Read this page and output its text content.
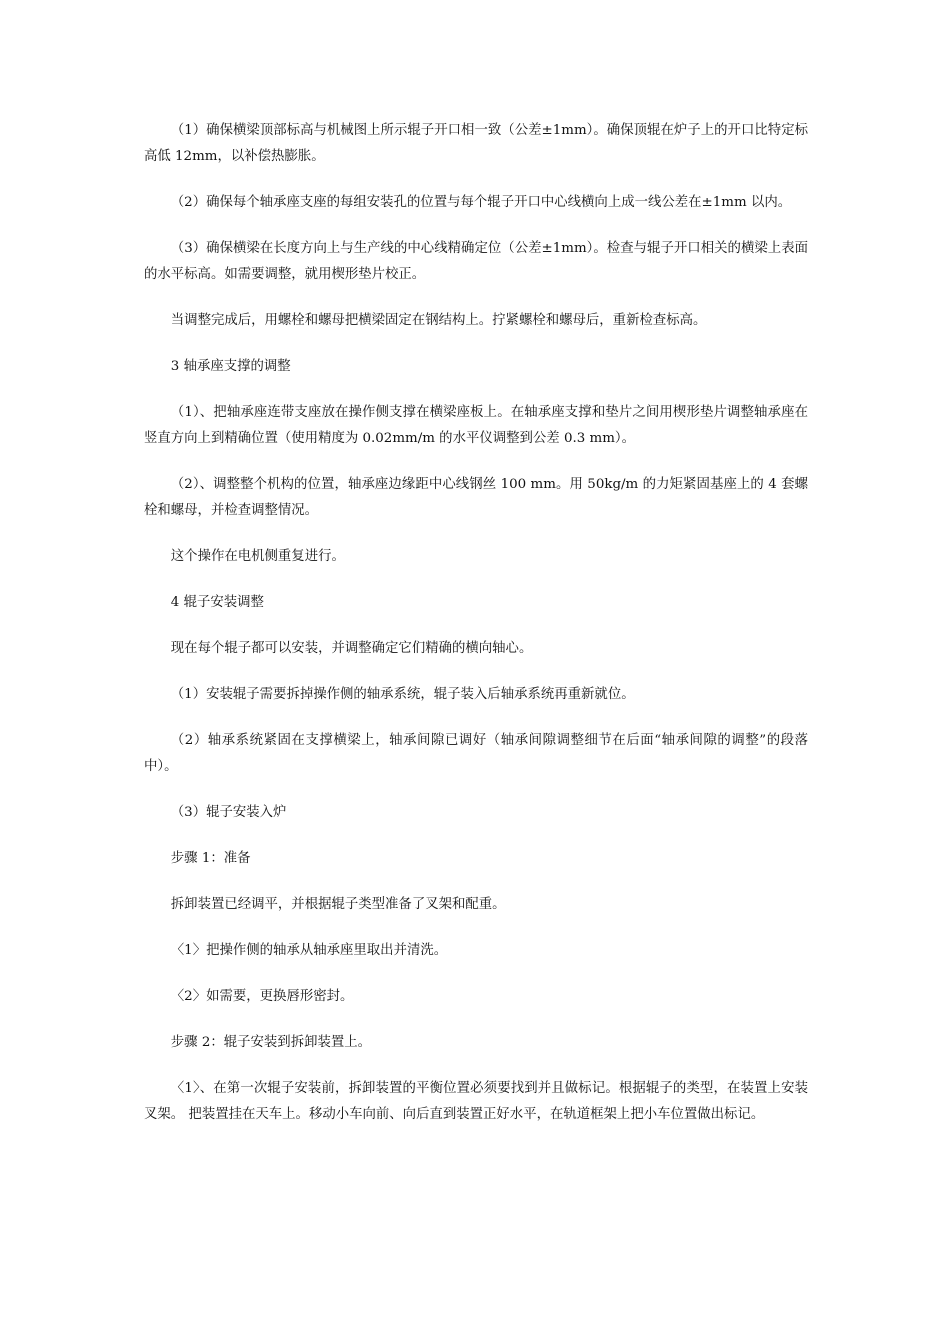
（1）确保横梁顶部标高与机械图上所示辊子开口相一致（公差±1mm）。确保顶辊在炉子上的开口比特定标高低 12mm，以补偿热膨胀。

（2）确保每个轴承座支座的每组安装孔的位置与每个辊子开口中心线横向上成一线公差在±1mm 以内。

（3）确保横梁在长度方向上与生产线的中心线精确定位（公差±1mm）。检查与辊子开口相关的横梁上表面的水平标高。如需要调整，就用楔形垫片校正。

当调整完成后，用螺栓和螺母把横梁固定在钢结构上。拧紧螺栓和螺母后，重新检查标高。

3 轴承座支撑的调整

（1）、把轴承座连带支座放在操作侧支撑在横梁座板上。在轴承座支撑和垫片之间用楔形垫片调整轴承座在竖直方向上到精确位置（使用精度为 0.02mm/m 的水平仪调整到公差 0.3 mm）。

（2）、调整整个机构的位置，轴承座边缘距中心线钢丝 100 mm。用 50kg/m 的力矩紧固基座上的 4 套螺栓和螺母，并检查调整情况。

这个操作在电机侧重复进行。

4 辊子安装调整

现在每个辊子都可以安装，并调整确定它们精确的横向轴心。

（1）安装辊子需要拆掉操作侧的轴承系统，辊子装入后轴承系统再重新就位。

（2）轴承系统紧固在支撑横梁上，轴承间隙已调好（轴承间隙调整细节在后面“轴承间隙的调整”的段落中）。

（3）辊子安装入炉

步骤 1：准备

拆卸装置已经调平，并根据辊子类型准备了叉架和配重。

〈1〉把操作侧的轴承从轴承座里取出并清洗。

〈2〉如需要，更换唇形密封。

步骤 2：辊子安装到拆卸装置上。

〈1〉、在第一次辊子安装前，拆卸装置的平衡位置必须要找到并且做标记。根据辊子的类型，在装置上安装叉架。 把装置挂在天车上。移动小车向前、向后直到装置正好水平，在轨道框架上把小车位置做出标记。
